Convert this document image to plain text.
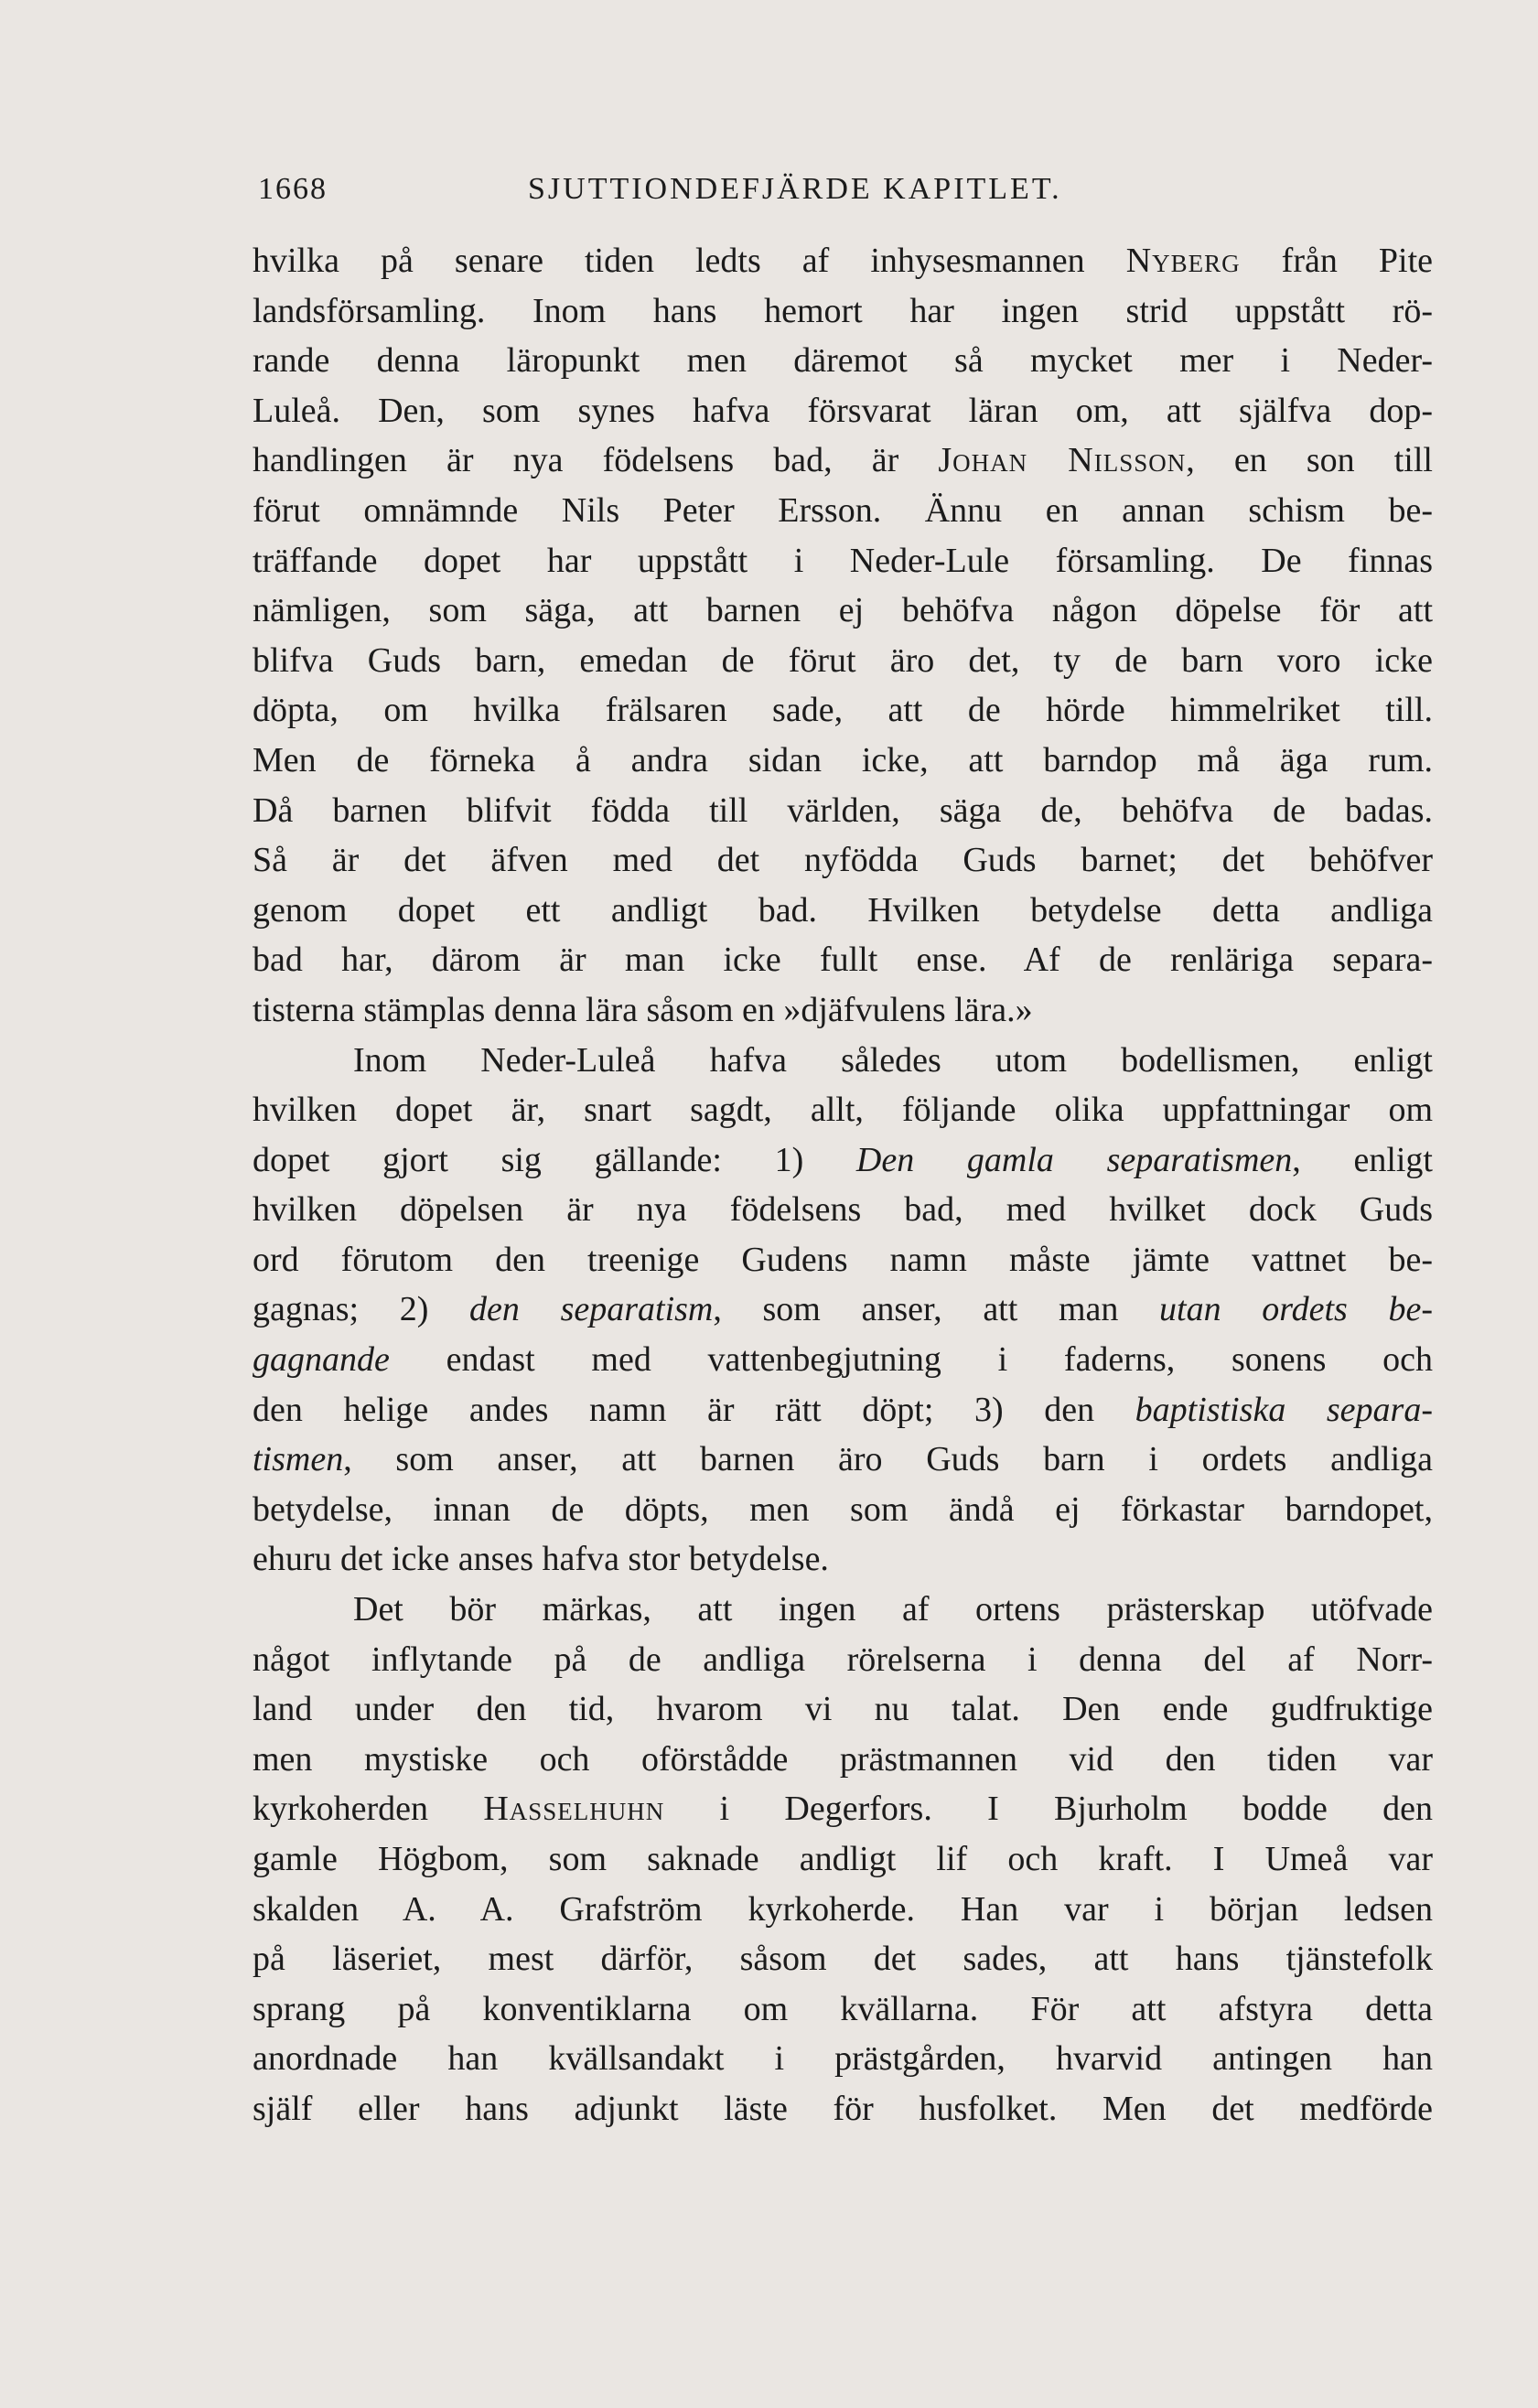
1668	SJUTTIONDEFJÄRDE KAPITLET.
hvilka på senare tiden ledts af inhysesmannen Nyberg från Pite
landsförsamling. Inom hans hemort har ingen strid uppstått rö-
rande denna läropunkt men däremot så mycket mer i Neder-
Luleå. Den, som synes hafva försvarat läran om, att själfva dop-
handlingen är nya födelsens bad, är Johan Nilsson, en son till
förut omnämnde Nils Peter Ersson. Ännu en annan schism be-
träffande dopet har uppstått i Neder-Lule församling. De finnas
nämligen, som säga, att barnen ej behöfva någon döpelse för att
blifva Guds barn, emedan de förut äro det, ty de barn voro icke
döpta, om hvilka frälsaren sade, att de hörde himmelriket till.
Men de förneka å andra sidan icke, att barndop må äga rum.
Då barnen blifvit födda till världen, säga de, behöfva de badas.
Så är det äfven med det nyfödda Guds barnet; det behöfver
genom dopet ett andligt bad. Hvilken betydelse detta andliga
bad har, därom är man icke fullt ense. Af de renläriga separa-
tisterna stämplas denna lära såsom en »djäfvulens lära.»
Inom Neder-Luleå hafva således utom bodellismen, enligt
hvilken dopet är, snart sagdt, allt, följande olika uppfattningar om
dopet gjort sig gällande: 1) Den gamla separatismen, enligt
hvilken döpelsen är nya födelsens bad, med hvilket dock Guds
ord förutom den treenige Gudens namn måste jämte vattnet be-
gagnas; 2) den separatism, som anser, att man utan ordets be-
gagnande endast med vattenbegjutning i faderns, sonens och
den helige andes namn är rätt döpt; 3) den baptistiska separa-
tismen, som anser, att barnen äro Guds barn i ordets andliga
betydelse, innan de döpts, men som ändå ej förkastar barndopet,
ehuru det icke anses hafva stor betydelse.
Det bör märkas, att ingen af ortens prästerskap utöfvade
något inflytande på de andliga rörelserna i denna del af Norr-
land under den tid, hvarom vi nu talat. Den ende gudfruktige
men mystiske och oförstådde prästmannen vid den tiden var
kyrkoherden Hasselhuhn i Degerfors. I Bjurholm bodde den
gamle Högbom, som saknade andligt lif och kraft. I Umeå var
skalden A. A. Grafström kyrkoherde. Han var i början ledsen
på läseriet, mest därför, såsom det sades, att hans tjänstefolk
sprang på konventiklarna om kvällarna. För att afstyra detta
anordnade han kvällsandakt i prästgården, hvarvid antingen han
själf eller hans adjunkt läste för husfolket. Men det medförde
